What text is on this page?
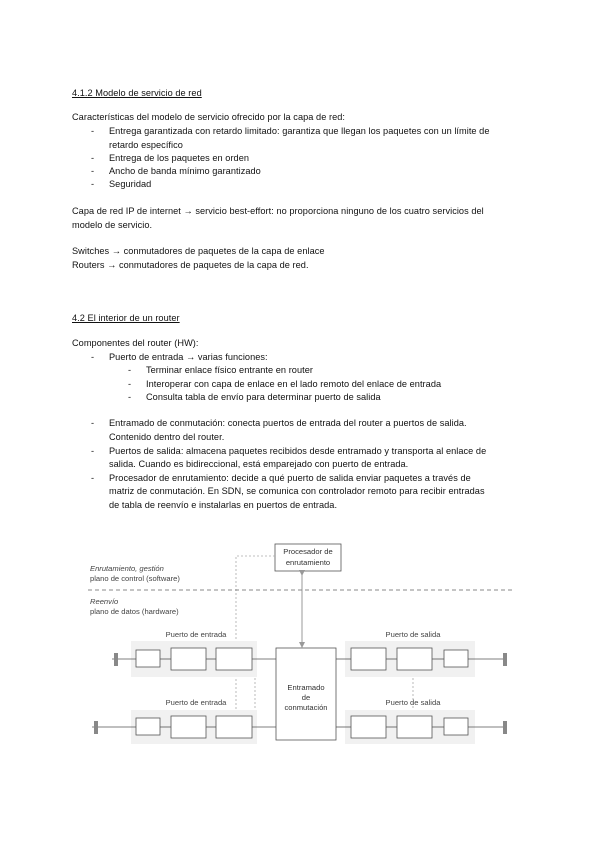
4.1.2 Modelo de servicio de red
Características del modelo de servicio ofrecido por la capa de red:
- Entrega garantizada con retardo limitado: garantiza que llegan los paquetes con un límite de
retardo específico
- Entrega de los paquetes en orden
- Ancho de banda mínimo garantizado
- Seguridad
Capa de red IP de internet → servicio best-effort: no proporciona ninguno de los cuatro servicios del
modelo de servicio.
Switches → conmutadores de paquetes de la capa de enlace
Routers → conmutadores de paquetes de la capa de red.
4.2 El interior de un router
Componentes del router (HW):
- Puerto de entrada → varias funciones:
- Terminar enlace físico entrante en router
- Interoperar con capa de enlace en el lado remoto del enlace de entrada
- Consulta tabla de envío para determinar puerto de salida
- Entramado de conmutación: conecta puertos de entrada del router a puertos de salida.
Contenido dentro del router.
- Puertos de salida: almacena paquetes recibidos desde entramado y transporta al enlace de
salida. Cuando es bidireccional, está emparejado con puerto de entrada.
- Procesador de enrutamiento: decide a qué puerto de salida enviar paquetes a través de
matriz de conmutación. En SDN, se comunica con controlador remoto para recibir entradas
de tabla de reenvío e instalarlas en puertos de entrada.
Procesador de
enrutamiento
Enrutamiento, gestión
plano de control (software)
Reenvío
plano de datos (hardware)
Entramado
de
conmutación
Puerto de entrada
Puerto de entrada
Puerto de salida
Puerto de salida
